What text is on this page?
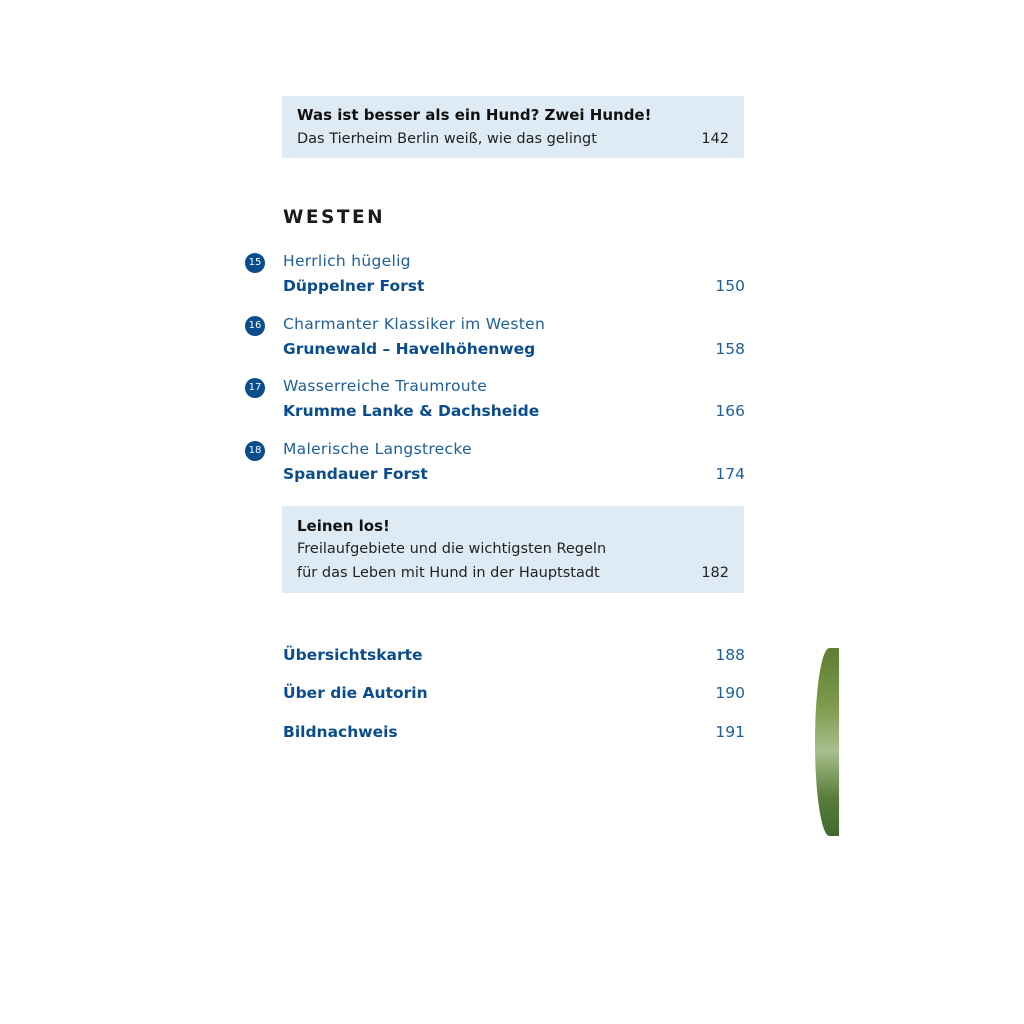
Was ist besser als ein Hund? Zwei Hunde!
Das Tierheim Berlin weiß, wie das gelingt	142
WESTEN
15 Herrlich hügelig
Düppelner Forst	150
16 Charmanter Klassiker im Westen
Grunewald – Havelhöhenweg	158
17 Wasserreiche Traumroute
Krumme Lanke & Dachsheide	166
18 Malerische Langstrecke
Spandauer Forst	174
Leinen los!
Freilaufgebiete und die wichtigsten Regeln
für das Leben mit Hund in der Hauptstadt	182
Übersichtskarte	188
Über die Autorin	190
Bildnachweis	191
